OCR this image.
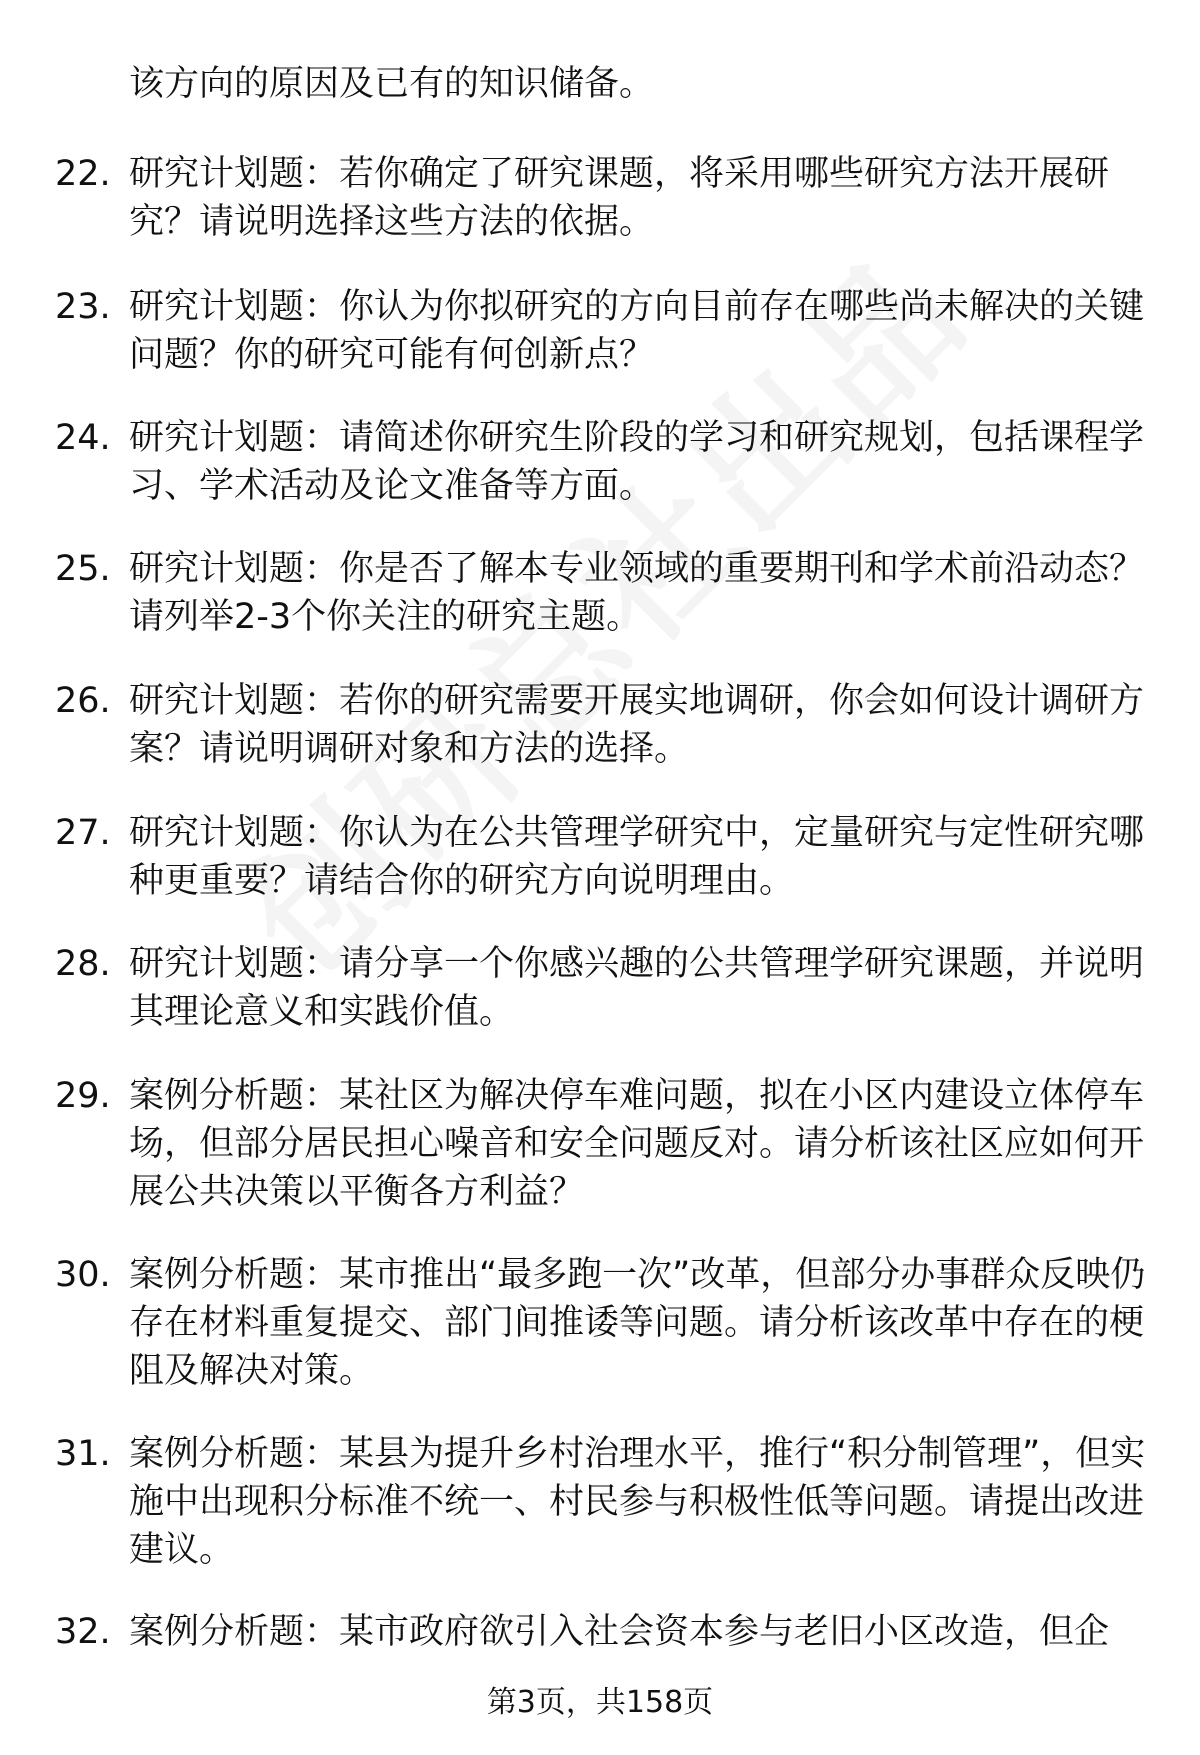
该方向的原因及已有的知识储备。
22. 研究计划题：若你确定了研究课题，将采用哪些研究方法开展研究？请说明选择这些方法的依据。
23. 研究计划题：你认为你拟研究的方向目前存在哪些尚未解决的关键问题？你的研究可能有何创新点？
24. 研究计划题：请简述你研究生阶段的学习和研究规划，包括课程学习、学术活动及论文准备等方面。
25. 研究计划题：你是否了解本专业领域的重要期刊和学术前沿动态？请列举2-3个你关注的研究主题。
26. 研究计划题：若你的研究需要开展实地调研，你会如何设计调研方案？请说明调研对象和方法的选择。
27. 研究计划题：你认为在公共管理学研究中，定量研究与定性研究哪种更重要？请结合你的研究方向说明理由。
28. 研究计划题：请分享一个你感兴趣的公共管理学研究课题，并说明其理论意义和实践价值。
29. 案例分析题：某社区为解决停车难问题，拟在小区内建设立体停车场，但部分居民担心噪音和安全问题反对。请分析该社区应如何开展公共决策以平衡各方利益？
30. 案例分析题：某市推出“最多跑一次”改革，但部分办事群众反映仍存在材料重复提交、部门间推诿等问题。请分析该改革中存在的梗阻及解决对策。
31. 案例分析题：某县为提升乡村治理水平，推行“积分制管理”，但实施中出现积分标准不统一、村民参与积极性低等问题。请提出改进建议。
32. 案例分析题：某市政府欲引入社会资本参与老旧小区改造，但企
第3页，共158页
